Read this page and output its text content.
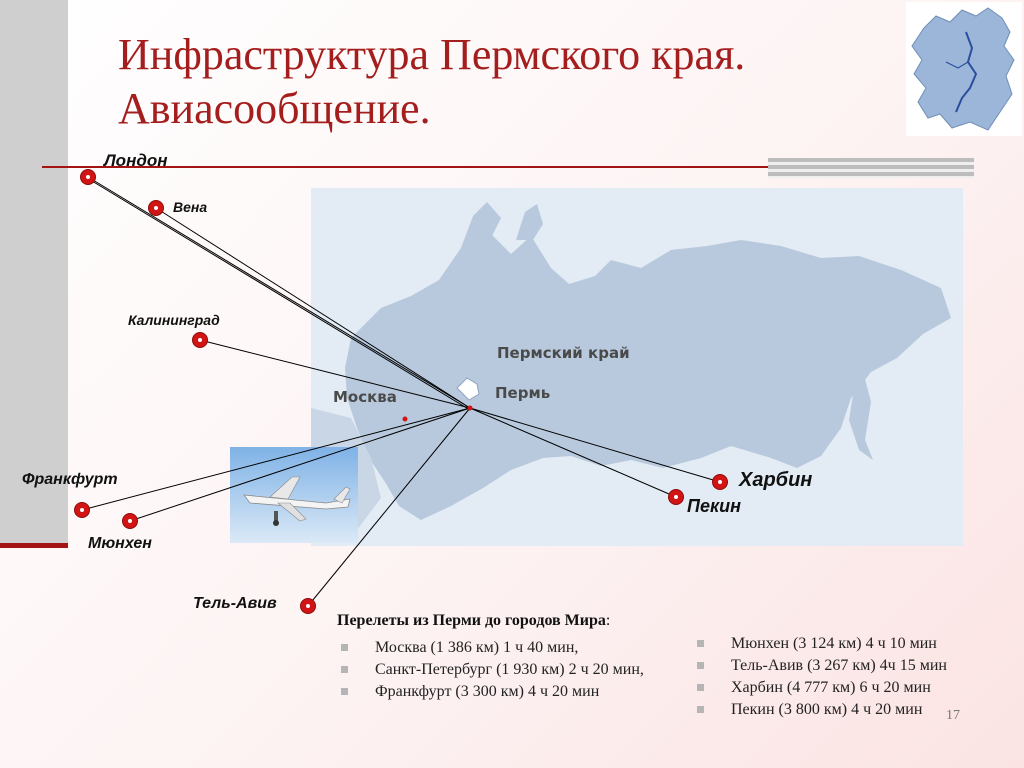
Инфраструктура Пермского края.
Авиасообщение.
Пермский край
Пермь
Москва
Лондон
Вена
Калининград
Франкфурт
Мюнхен
Тель-Авив
Харбин
Пекин
Перелеты из Перми до городов Мира:
Москва (1 386 км) 1 ч 40 мин,
Санкт-Петербург (1 930 км) 2 ч 20 мин,
Франкфурт (3 300 км) 4 ч 20 мин
Мюнхен (3 124 км) 4 ч 10 мин
Тель-Авив (3 267 км) 4ч 15 мин
Харбин (4 777 км) 6 ч 20 мин
Пекин (3 800 км) 4 ч 20 мин	17
